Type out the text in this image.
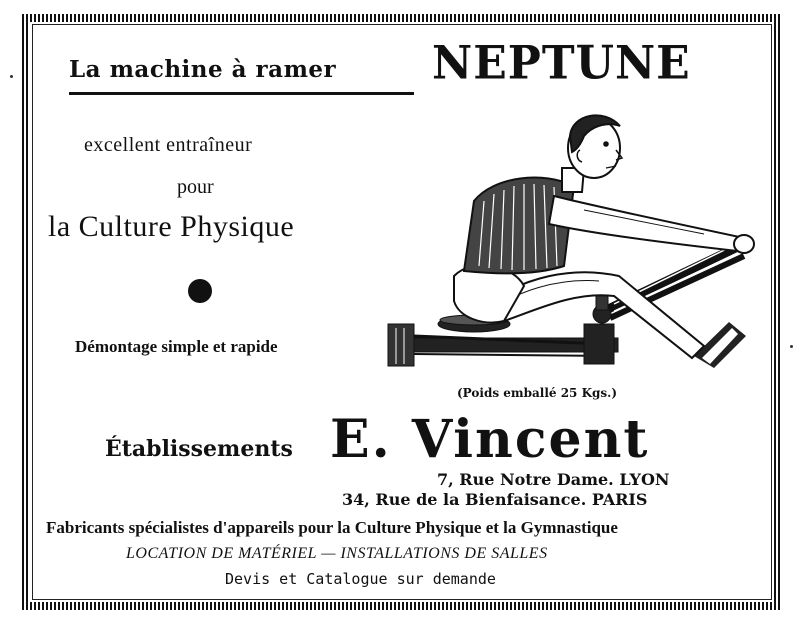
La machine à ramer NEPTUNE
excellent entraîneur
pour
la Culture Physique
Démontage simple et rapide
(Poids emballé 25 Kgs.)
Établissements E. Vincent
7, Rue Notre Dame. LYON
34, Rue de la Bienfaisance. PARIS
Fabricants spécialistes d'appareils pour la Culture Physique et la Gymnastique
LOCATION DE MATÉRIEL — INSTALLATIONS DE SALLES
Devis et Catalogue sur demande
